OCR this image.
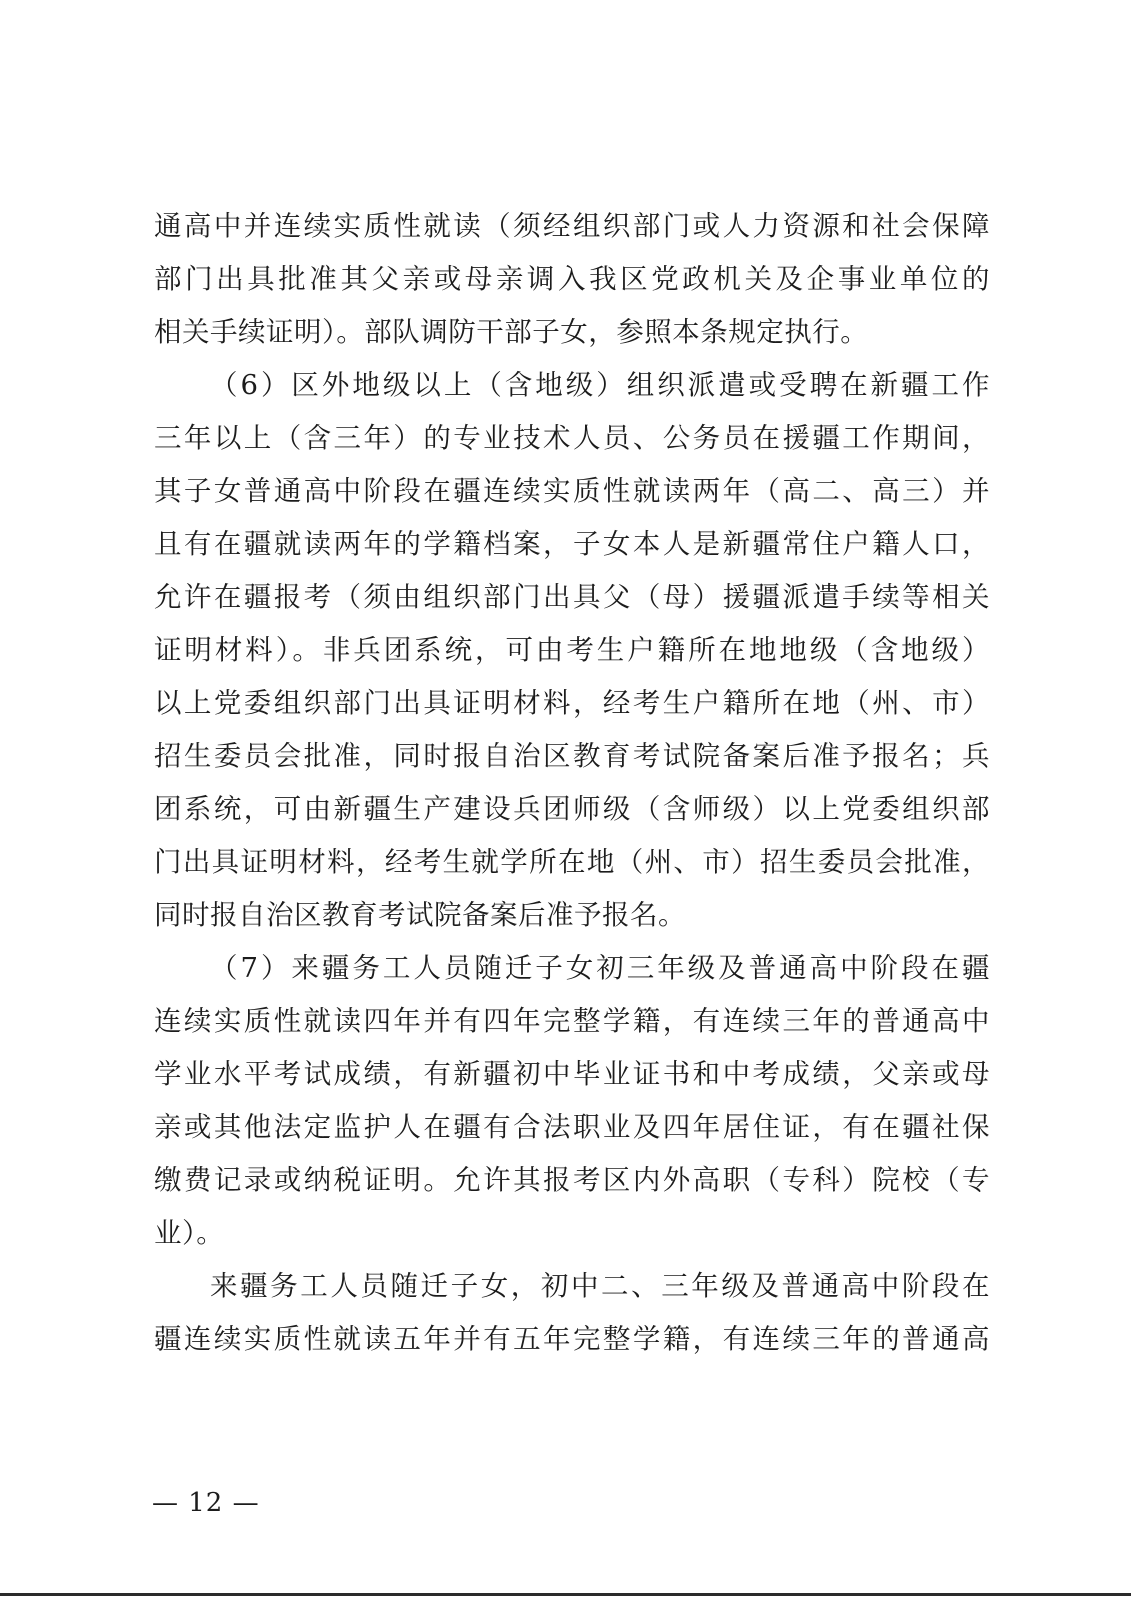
通高中并连续实质性就读（须经组织部门或人力资源和社会保障
部门出具批准其父亲或母亲调入我区党政机关及企事业单位的
相关手续证明）。部队调防干部子女，参照本条规定执行。
（6）区外地级以上（含地级）组织派遣或受聘在新疆工作
三年以上（含三年）的专业技术人员、公务员在援疆工作期间，
其子女普通高中阶段在疆连续实质性就读两年（高二、高三）并
且有在疆就读两年的学籍档案，子女本人是新疆常住户籍人口，
允许在疆报考（须由组织部门出具父（母）援疆派遣手续等相关
证明材料）。非兵团系统，可由考生户籍所在地地级（含地级）
以上党委组织部门出具证明材料，经考生户籍所在地（州、市）
招生委员会批准，同时报自治区教育考试院备案后准予报名；兵
团系统，可由新疆生产建设兵团师级（含师级）以上党委组织部
门出具证明材料，经考生就学所在地（州、市）招生委员会批准，
同时报自治区教育考试院备案后准予报名。
（7）来疆务工人员随迁子女初三年级及普通高中阶段在疆
连续实质性就读四年并有四年完整学籍，有连续三年的普通高中
学业水平考试成绩，有新疆初中毕业证书和中考成绩，父亲或母
亲或其他法定监护人在疆有合法职业及四年居住证，有在疆社保
缴费记录或纳税证明。允许其报考区内外高职（专科）院校（专
业）。
来疆务工人员随迁子女，初中二、三年级及普通高中阶段在
疆连续实质性就读五年并有五年完整学籍，有连续三年的普通高
— 12 —
